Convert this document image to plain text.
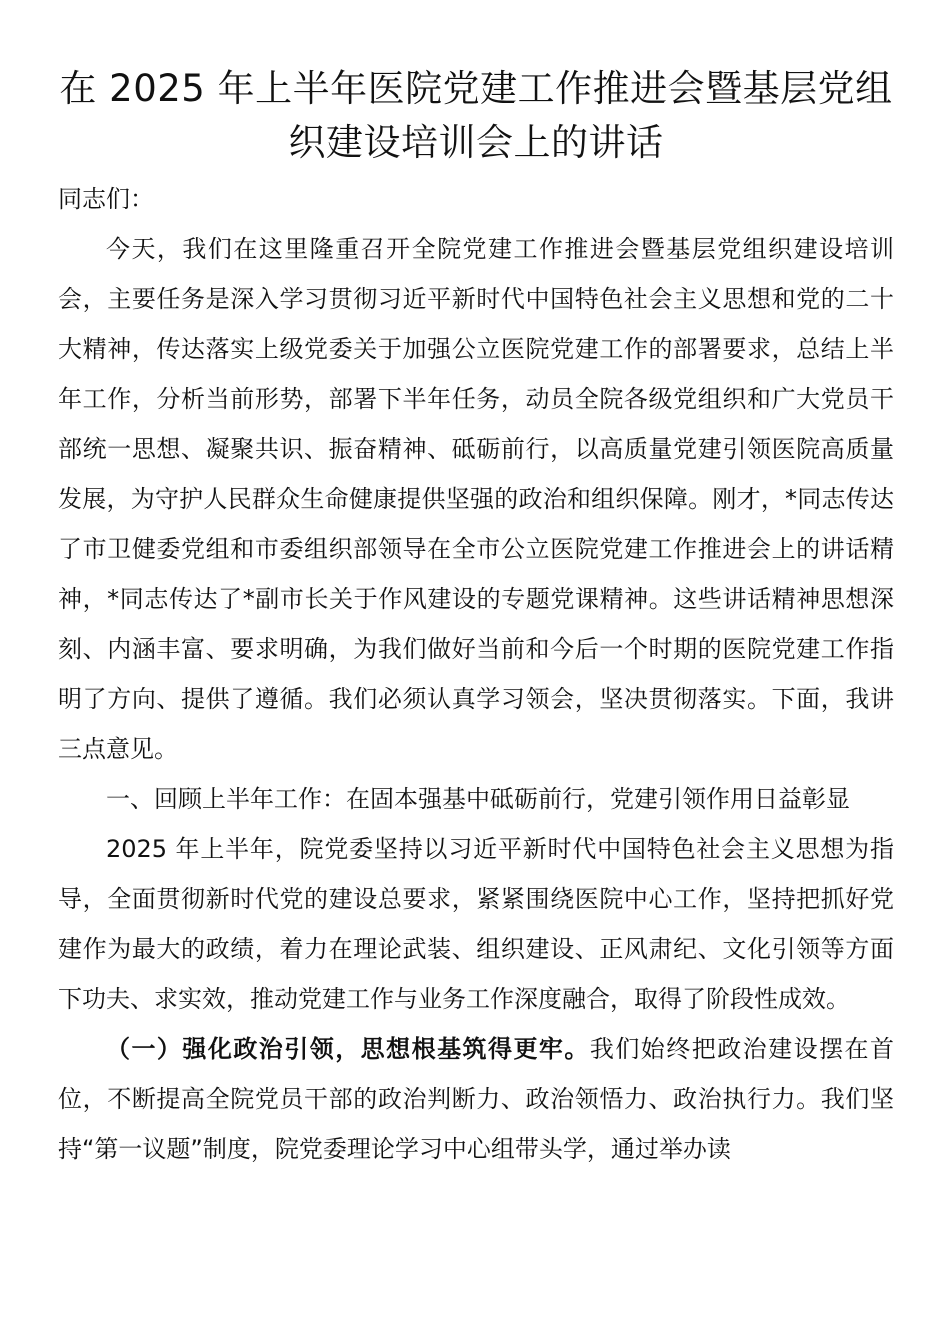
在 2025 年上半年医院党建工作推进会暨基层党组织建设培训会上的讲话

同志们：

今天，我们在这里隆重召开全院党建工作推进会暨基层党组织建设培训会，主要任务是深入学习贯彻习近平新时代中国特色社会主义思想和党的二十大精神，传达落实上级党委关于加强公立医院党建工作的部署要求，总结上半年工作，分析当前形势，部署下半年任务，动员全院各级党组织和广大党员干部统一思想、凝聚共识、振奋精神、砥砺前行，以高质量党建引领医院高质量发展，为守护人民群众生命健康提供坚强的政治和组织保障。刚才，*同志传达了市卫健委党组和市委组织部领导在全市公立医院党建工作推进会上的讲话精神，*同志传达了*副市长关于作风建设的专题党课精神。这些讲话精神思想深刻、内涵丰富、要求明确，为我们做好当前和今后一个时期的医院党建工作指明了方向、提供了遵循。我们必须认真学习领会，坚决贯彻落实。下面，我讲三点意见。

一、回顾上半年工作：在固本强基中砥砺前行，党建引领作用日益彰显

2025 年上半年，院党委坚持以习近平新时代中国特色社会主义思想为指导，全面贯彻新时代党的建设总要求，紧紧围绕医院中心工作，坚持把抓好党建作为最大的政绩，着力在理论武装、组织建设、正风肃纪、文化引领等方面下功夫、求实效，推动党建工作与业务工作深度融合，取得了阶段性成效。

（一）强化政治引领，思想根基筑得更牢。我们始终把政治建设摆在首位，不断提高全院党员干部的政治判断力、政治领悟力、政治执行力。我们坚持“第一议题”制度，院党委理论学习中心组带头学，通过举办读
